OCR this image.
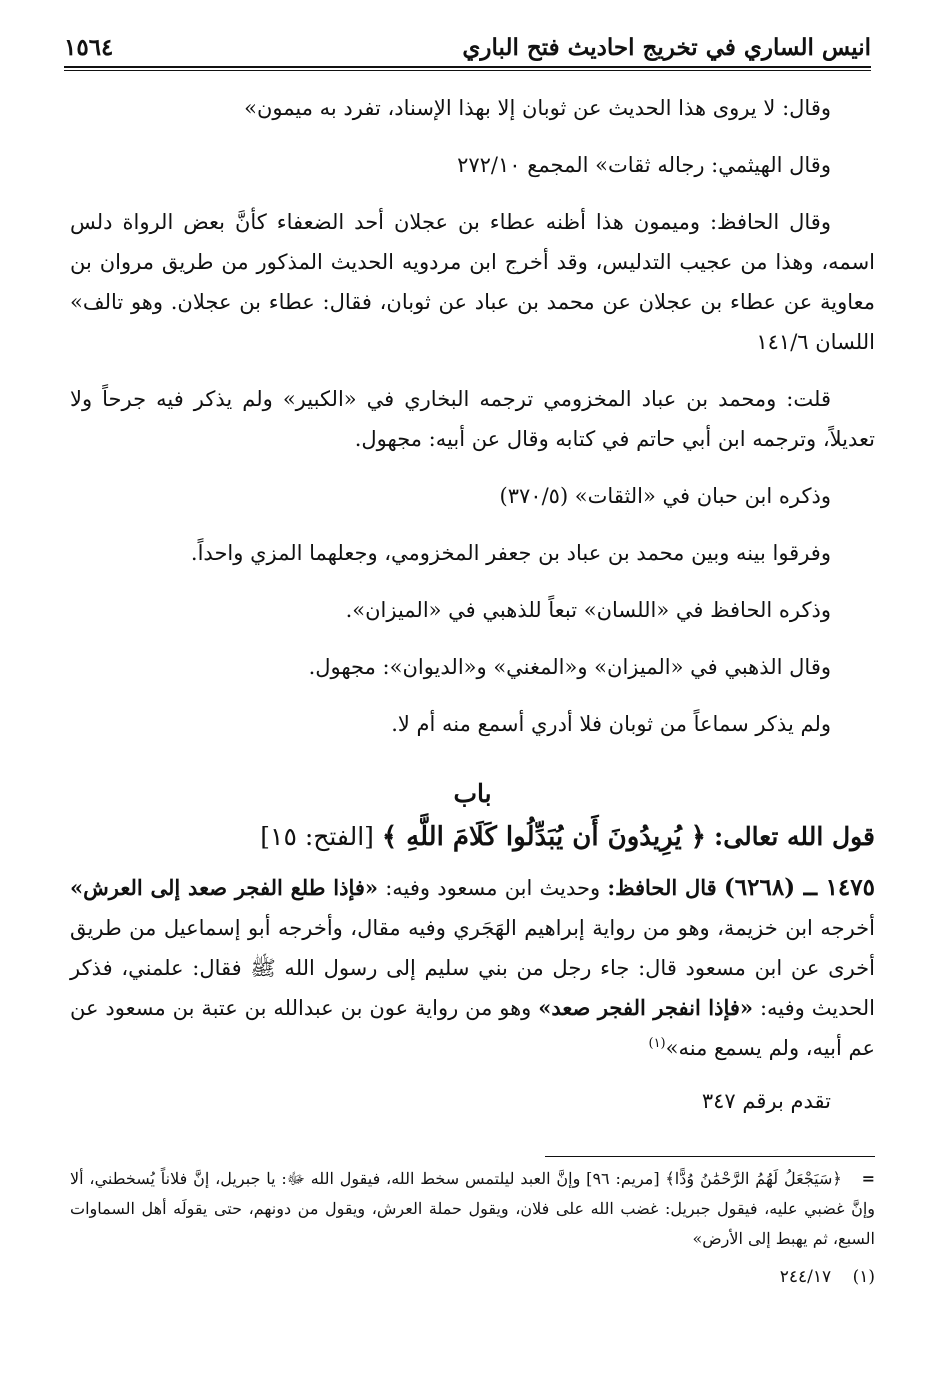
انيس الساري في تخريج احاديث فتح الباري
١٥٦٤

وقال: لا يروى هذا الحديث عن ثوبان إلا بهذا الإسناد، تفرد به ميمون»

وقال الهيثمي: رجاله ثقات» المجمع ٢٧٢/١٠

وقال الحافظ: وميمون هذا أظنه عطاء بن عجلان أحد الضعفاء كأنَّ بعض الرواة دلس اسمه، وهذا من عجيب التدليس، وقد أخرج ابن مردويه الحديث المذكور من طريق مروان بن معاوية عن عطاء بن عجلان عن محمد بن عباد عن ثوبان، فقال: عطاء بن عجلان. وهو تالف» اللسان ١٤١/٦

قلت: ومحمد بن عباد المخزومي ترجمه البخاري في «الكبير» ولم يذكر فيه جرحاً ولا تعديلاً، وترجمه ابن أبي حاتم في كتابه وقال عن أبيه: مجهول.

وذكره ابن حبان في «الثقات» (٣٧٠/٥)

وفرقوا بينه وبين محمد بن عباد بن جعفر المخزومي، وجعلهما المزي واحداً.

وذكره الحافظ في «اللسان» تبعاً للذهبي في «الميزان».

وقال الذهبي في «الميزان» و«المغني» و«الديوان»: مجهول.

ولم يذكر سماعاً من ثوبان فلا أدري أسمع منه أم لا.

باب
قول الله تعالى: ﴿ يُرِيدُونَ أَن يُبَدِّلُوا كَلَامَ اللَّهِ ﴾ [الفتح: ١٥]

١٤٧٥ ــ (٦٢٦٨) قال الحافظ: وحديث ابن مسعود وفيه: «فإذا طلع الفجر صعد إلى العرش» أخرجه ابن خزيمة، وهو من رواية إبراهيم الهَجَري وفيه مقال، وأخرجه أبو إسماعيل من طريق أخرى عن ابن مسعود قال: جاء رجل من بني سليم إلى رسول الله ﷺ فقال: علمني، فذكر الحديث وفيه: «فإذا انفجر الفجر صعد» وهو من رواية عون بن عبدالله بن عتبة بن مسعود عن عم أبيه، ولم يسمع منه»$^{(١)}$

تقدم برقم ٣٤٧

= ﴿سَيَجْعَلُ لَهُمُ الرَّحْمَٰنُ وُدًّا﴾ [مريم: ٩٦] وإنَّ العبد ليلتمس سخط الله، فيقول الله ﷻ: يا جبريل، إنَّ فلاناً يُسخطني، ألا وإنَّ غضبي عليه، فيقول جبريل: غضب الله على فلان، ويقول حملة العرش، ويقول من دونهم، حتى يقولَه أهل السماوات السبع، ثم يهبط إلى الأرض»

(١) ٢٤٤/١٧
